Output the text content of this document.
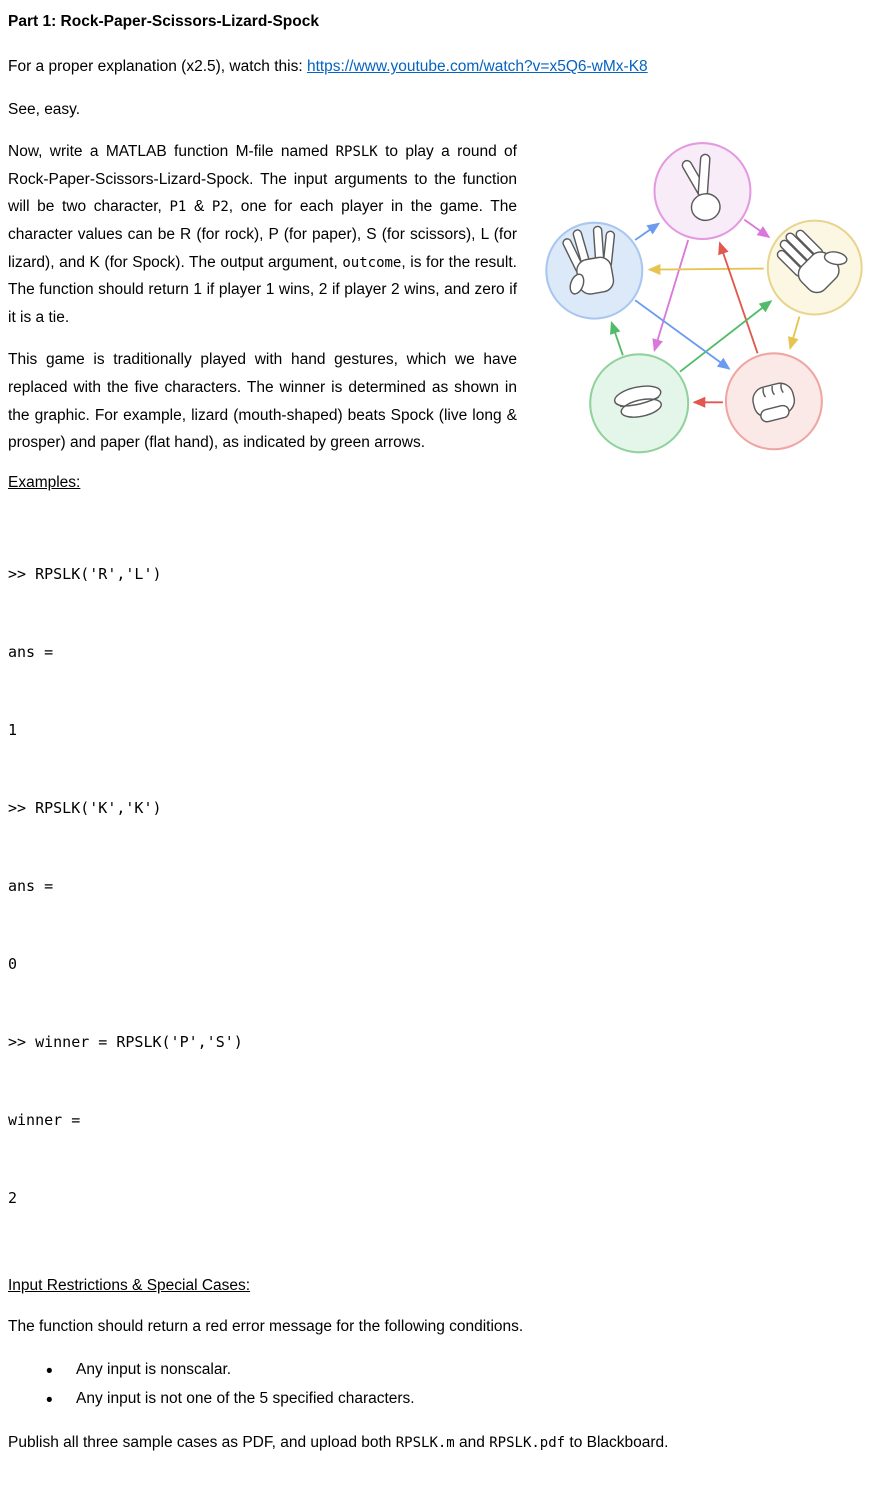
Part 1: Rock-Paper-Scissors-Lizard-Spock

For a proper explanation (x2.5), watch this: https://www.youtube.com/watch?v=x5Q6-wMx-K8

See, easy.

Now, write a MATLAB function M-file named RPSLK to play a round of Rock-Paper-Scissors-Lizard-Spock. The input arguments to the function will be two character, P1 & P2, one for each player in the game. The character values can be R (for rock), P (for paper), S (for scissors), L (for lizard), and K (for Spock). The output argument, outcome, is for the result. The function should return 1 if player 1 wins, 2 if player 2 wins, and zero if it is a tie.

This game is traditionally played with hand gestures, which we have replaced with the five characters. The winner is determined as shown in the graphic. For example, lizard (mouth-shaped) beats Spock (live long & prosper) and paper (flat hand), as indicated by green arrows.

Examples:

>> RPSLK('R','L')

ans =

1

>> RPSLK('K','K')

ans =

0

>> winner = RPSLK('P','S')

winner =

2

Input Restrictions & Special Cases:

The function should return a red error message for the following conditions.

• Any input is nonscalar.
• Any input is not one of the 5 specified characters.

Publish all three sample cases as PDF, and upload both RPSLK.m and RPSLK.pdf to Blackboard.
